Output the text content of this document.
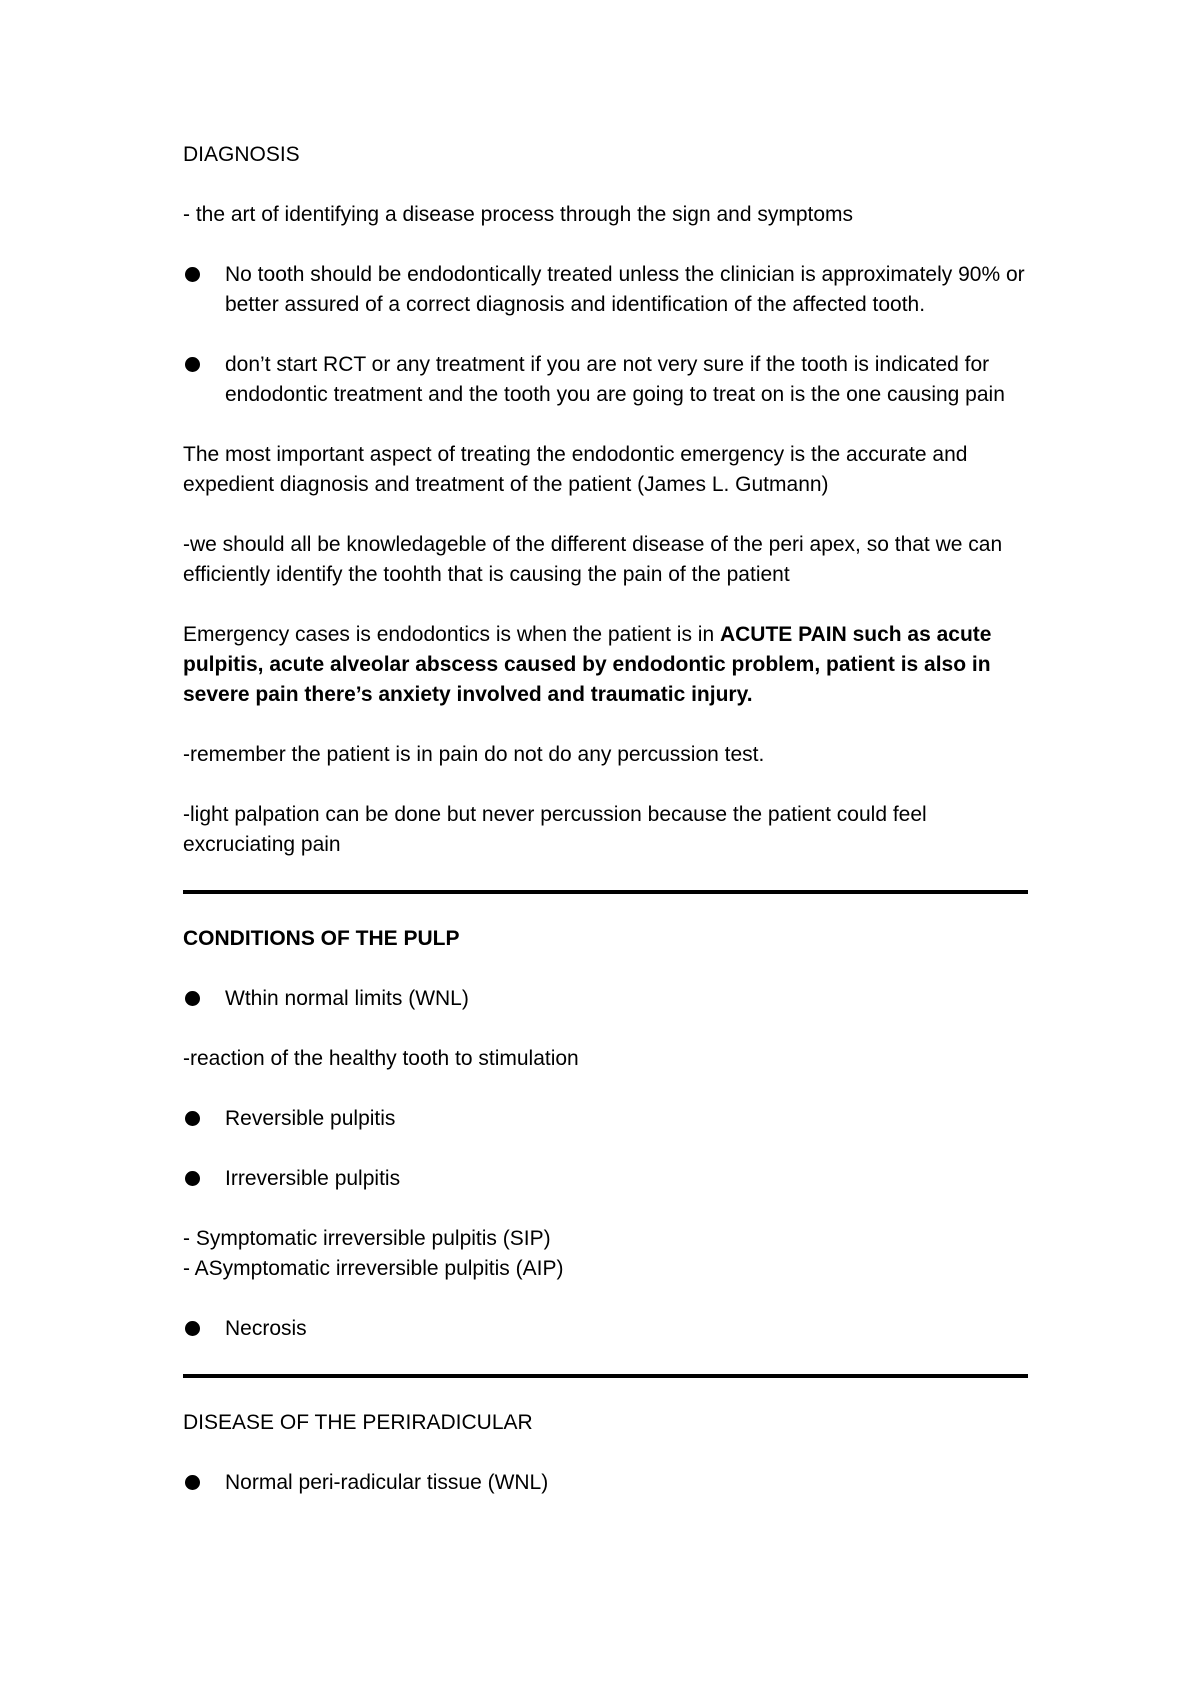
DIAGNOSIS
- the art of identifying a disease process through the sign and symptoms
No tooth should be endodontically treated unless the clinician is approximately 90% or better assured of a correct diagnosis and identification of the affected tooth.
don’t start RCT or any treatment if you are not very sure if the tooth is indicated for endodontic treatment and the tooth you are going to treat on is the one causing pain
The most important aspect of treating the endodontic emergency is the accurate and expedient diagnosis and treatment of the patient (James L. Gutmann)
-we should all be knowledageble of the different disease of the peri apex, so that we can efficiently identify the toohth that is causing the pain of the patient
Emergency cases is endodontics is when the patient is in ACUTE PAIN such as acute pulpitis, acute alveolar abscess caused by endodontic problem, patient is also in severe pain there’s anxiety involved and traumatic injury.
-remember the patient is in pain do not do any percussion test.
-light palpation can be done but never percussion because the patient could feel excruciating pain
CONDITIONS OF THE PULP
Wthin normal limits (WNL)
-reaction of the healthy tooth to stimulation
Reversible pulpitis
Irreversible pulpitis
- Symptomatic irreversible pulpitis (SIP)
- ASymptomatic irreversible pulpitis (AIP)
Necrosis
DISEASE OF THE PERIRADICULAR
Normal peri-radicular tissue (WNL)
